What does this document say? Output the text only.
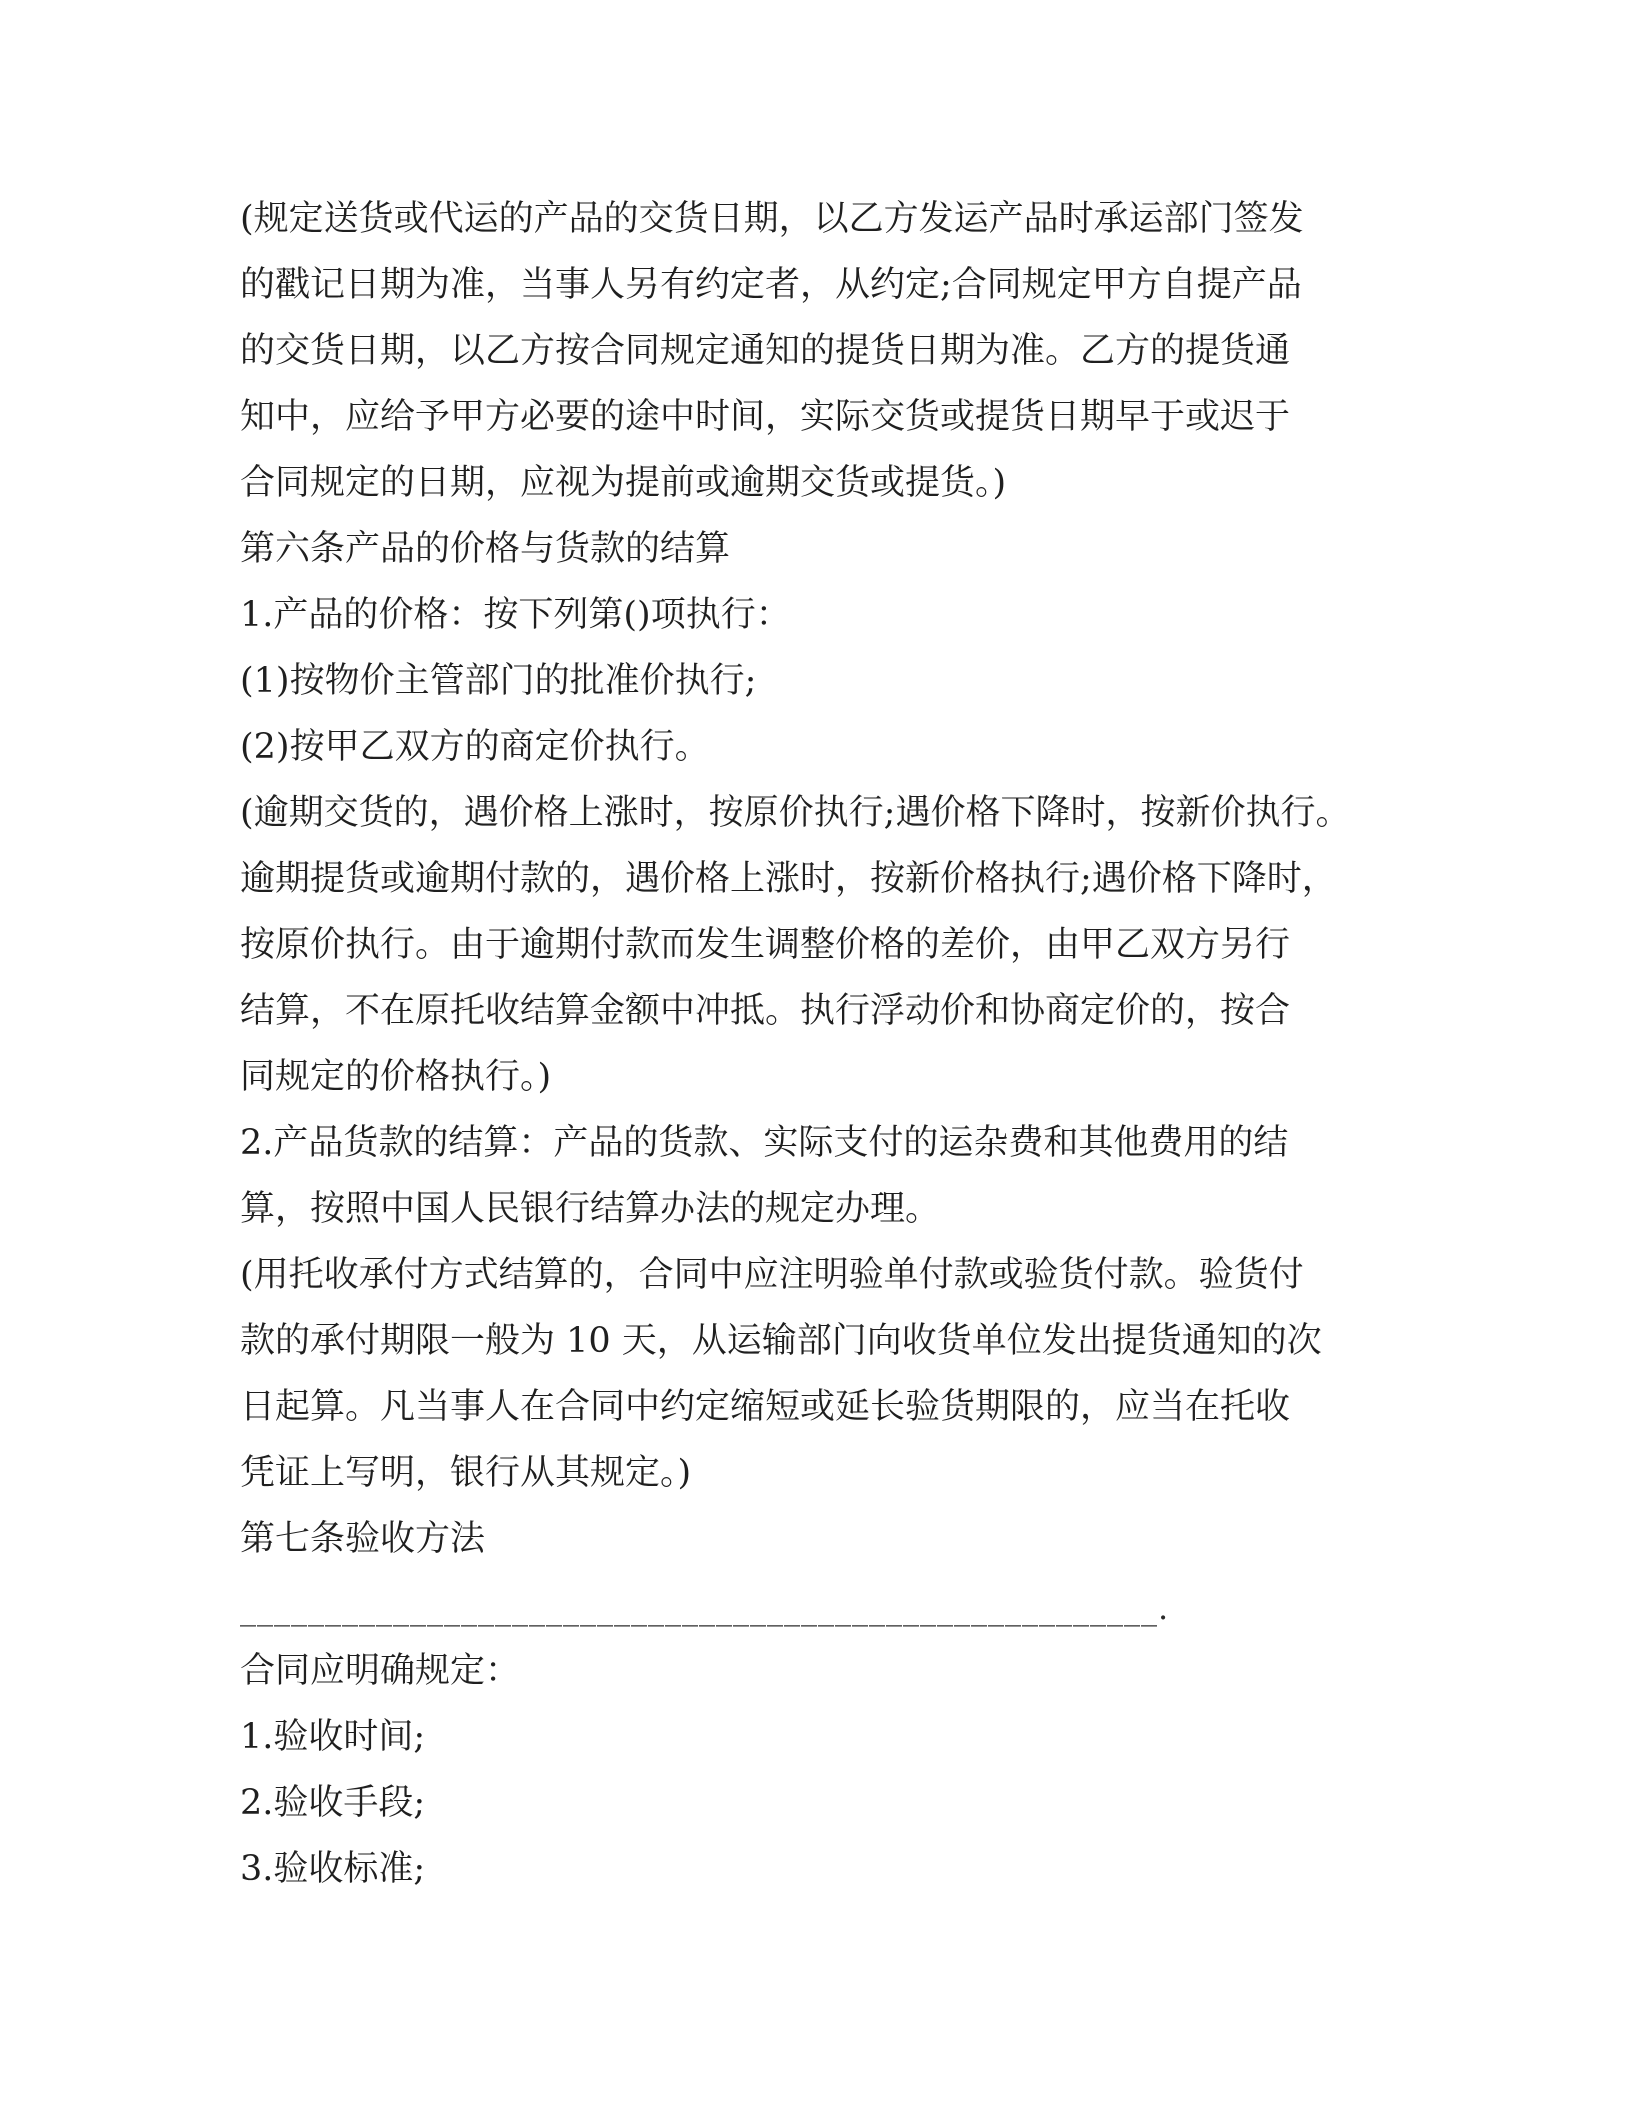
(规定送货或代运的产品的交货日期，以乙方发运产品时承运部门签发
的戳记日期为准，当事人另有约定者，从约定;合同规定甲方自提产品
的交货日期，以乙方按合同规定通知的提货日期为准。乙方的提货通
知中，应给予甲方必要的途中时间，实际交货或提货日期早于或迟于
合同规定的日期，应视为提前或逾期交货或提货。)
第六条产品的价格与货款的结算
1.产品的价格：按下列第()项执行：
(1)按物价主管部门的批准价执行;
(2)按甲乙双方的商定价执行。
(逾期交货的，遇价格上涨时，按原价执行;遇价格下降时，按新价执行。
逾期提货或逾期付款的，遇价格上涨时，按新价格执行;遇价格下降时，
按原价执行。由于逾期付款而发生调整价格的差价，由甲乙双方另行
结算，不在原托收结算金额中冲抵。执行浮动价和协商定价的，按合
同规定的价格执行。)
2.产品货款的结算：产品的货款、实际支付的运杂费和其他费用的结
算，按照中国人民银行结算办法的规定办理。
(用托收承付方式结算的，合同中应注明验单付款或验货付款。验货付
款的承付期限一般为 10 天，从运输部门向收货单位发出提货通知的次
日起算。凡当事人在合同中约定缩短或延长验货期限的，应当在托收
凭证上写明，银行从其规定。)
第七条验收方法
______________________________________________________.
合同应明确规定：
1.验收时间;
2.验收手段;
3.验收标准;
